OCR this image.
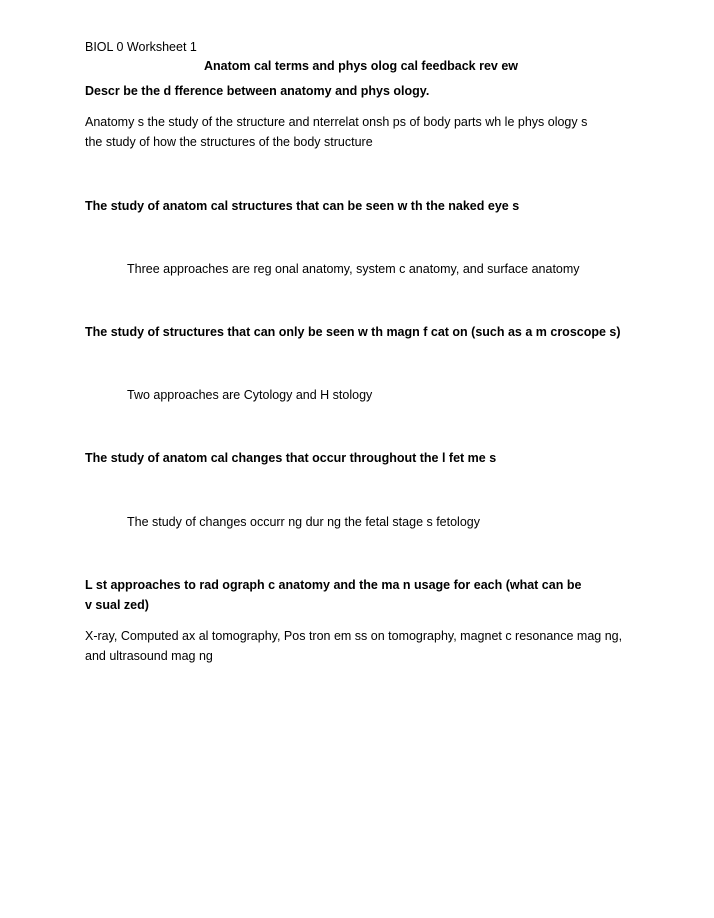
BIOL 0 Worksheet 1
Anatom cal terms and phys olog cal feedback rev ew
Descr be the d fference between anatomy and phys ology.
Anatomy s the study of the structure and nterrelat onsh ps of body parts wh le phys ology s
the study of how the structures of the body structure
The study of anatom cal structures that can be seen w th the naked eye s
Three approaches are reg onal anatomy, system c anatomy, and surface anatomy
The study of structures that can only be seen w th magn f cat on (such as a m croscope s)
Two approaches are Cytology and H stology
The study of anatom cal changes that occur throughout the l fet me s
The study of changes occurr ng dur ng the fetal stage s fetology
L st approaches to rad ograph c anatomy and the ma n usage for each (what can be
v sual zed)
X-ray, Computed ax al tomography, Pos tron em ss on tomography, magnet c resonance mag ng,
and ultrasound mag ng
